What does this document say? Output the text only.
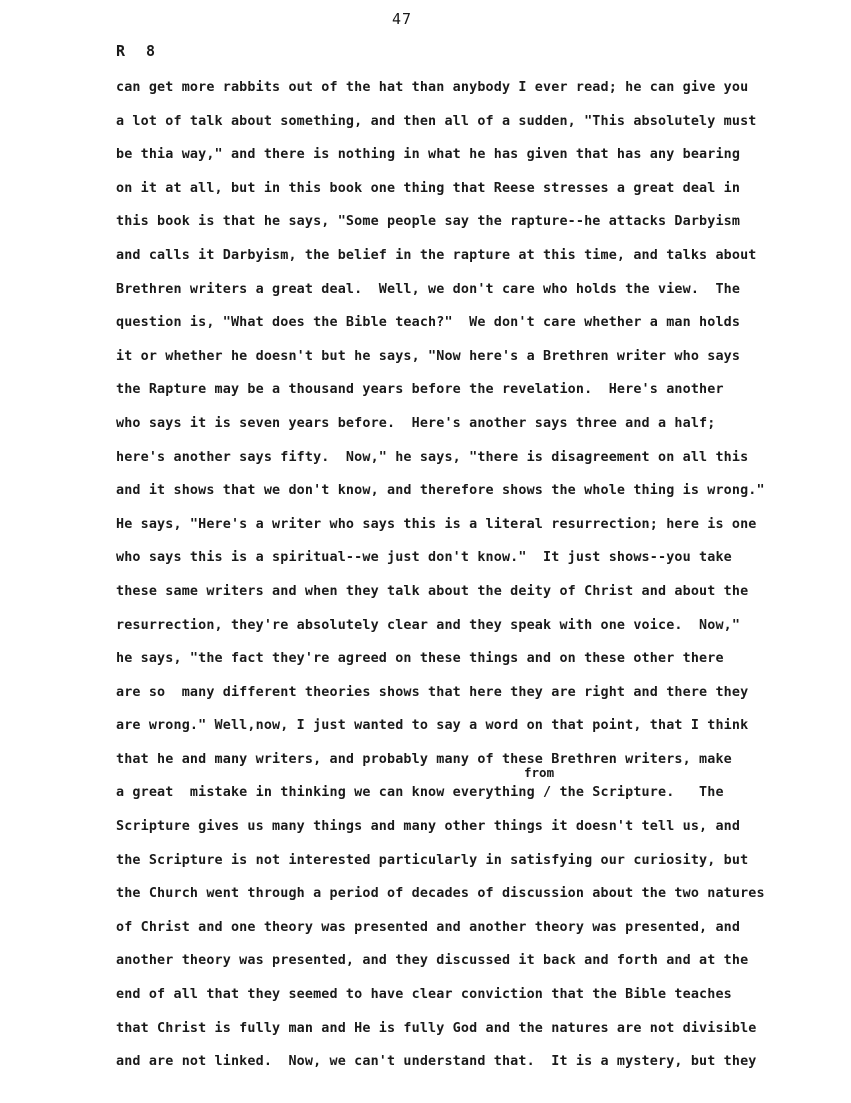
47
R 8
can get more rabbits out of the hat than anybody I ever read; he can give you
a lot of talk about something, and then all of a sudden, "This absolutely must
be thia way," and there is nothing in what he has given that has any bearing
on it at all, but in this book one thing that Reese stresses a great deal in
this book is that he says, "Some people say the rapture--he attacks Darbyism
and calls it Darbyism, the belief in the rapture at this time, and talks about
Brethren writers a great deal.  Well, we don't care who holds the view.  The
question is, "What does the Bible teach?"  We don't care whether a man holds
it or whether he doesn't but he says, "Now here's a Brethren writer who says
the Rapture may be a thousand years before the revelation.  Here's another
who says it is seven years before.  Here's another says three and a half;
here's another says fifty.  Now," he says, "there is disagreement on all this
and it shows that we don't know, and therefore shows the whole thing is wrong."
He says, "Here's a writer who says this is a literal resurrection; here is one
who says this is a spiritual--we just don't know."  It just shows--you take
these same writers and when they talk about the deity of Christ and about the
resurrection, they're absolutely clear and they speak with one voice.  Now,"
he says, "the fact they're agreed on these things and on these other there
are so  many different theories shows that here they are right and there they
are wrong." Well,now, I just wanted to say a word on that point, that I think
that he and many writers, and probably many of these Brethren writers, make
a great  mistake in thinking we can know everything / the Scripture.   The
Scripture gives us many things and many other things it doesn't tell us, and
the Scripture is not interested particularly in satisfying our curiosity, but
the Church went through a period of decades of discussion about the two natures
of Christ and one theory was presented and another theory was presented, and
another theory was presented, and they discussed it back and forth and at the
end of all that they seemed to have clear conviction that the Bible teaches
that Christ is fully man and He is fully God and the natures are not divisible
and are not linked.  Now, we can't understand that.  It is a mystery, but they
from
